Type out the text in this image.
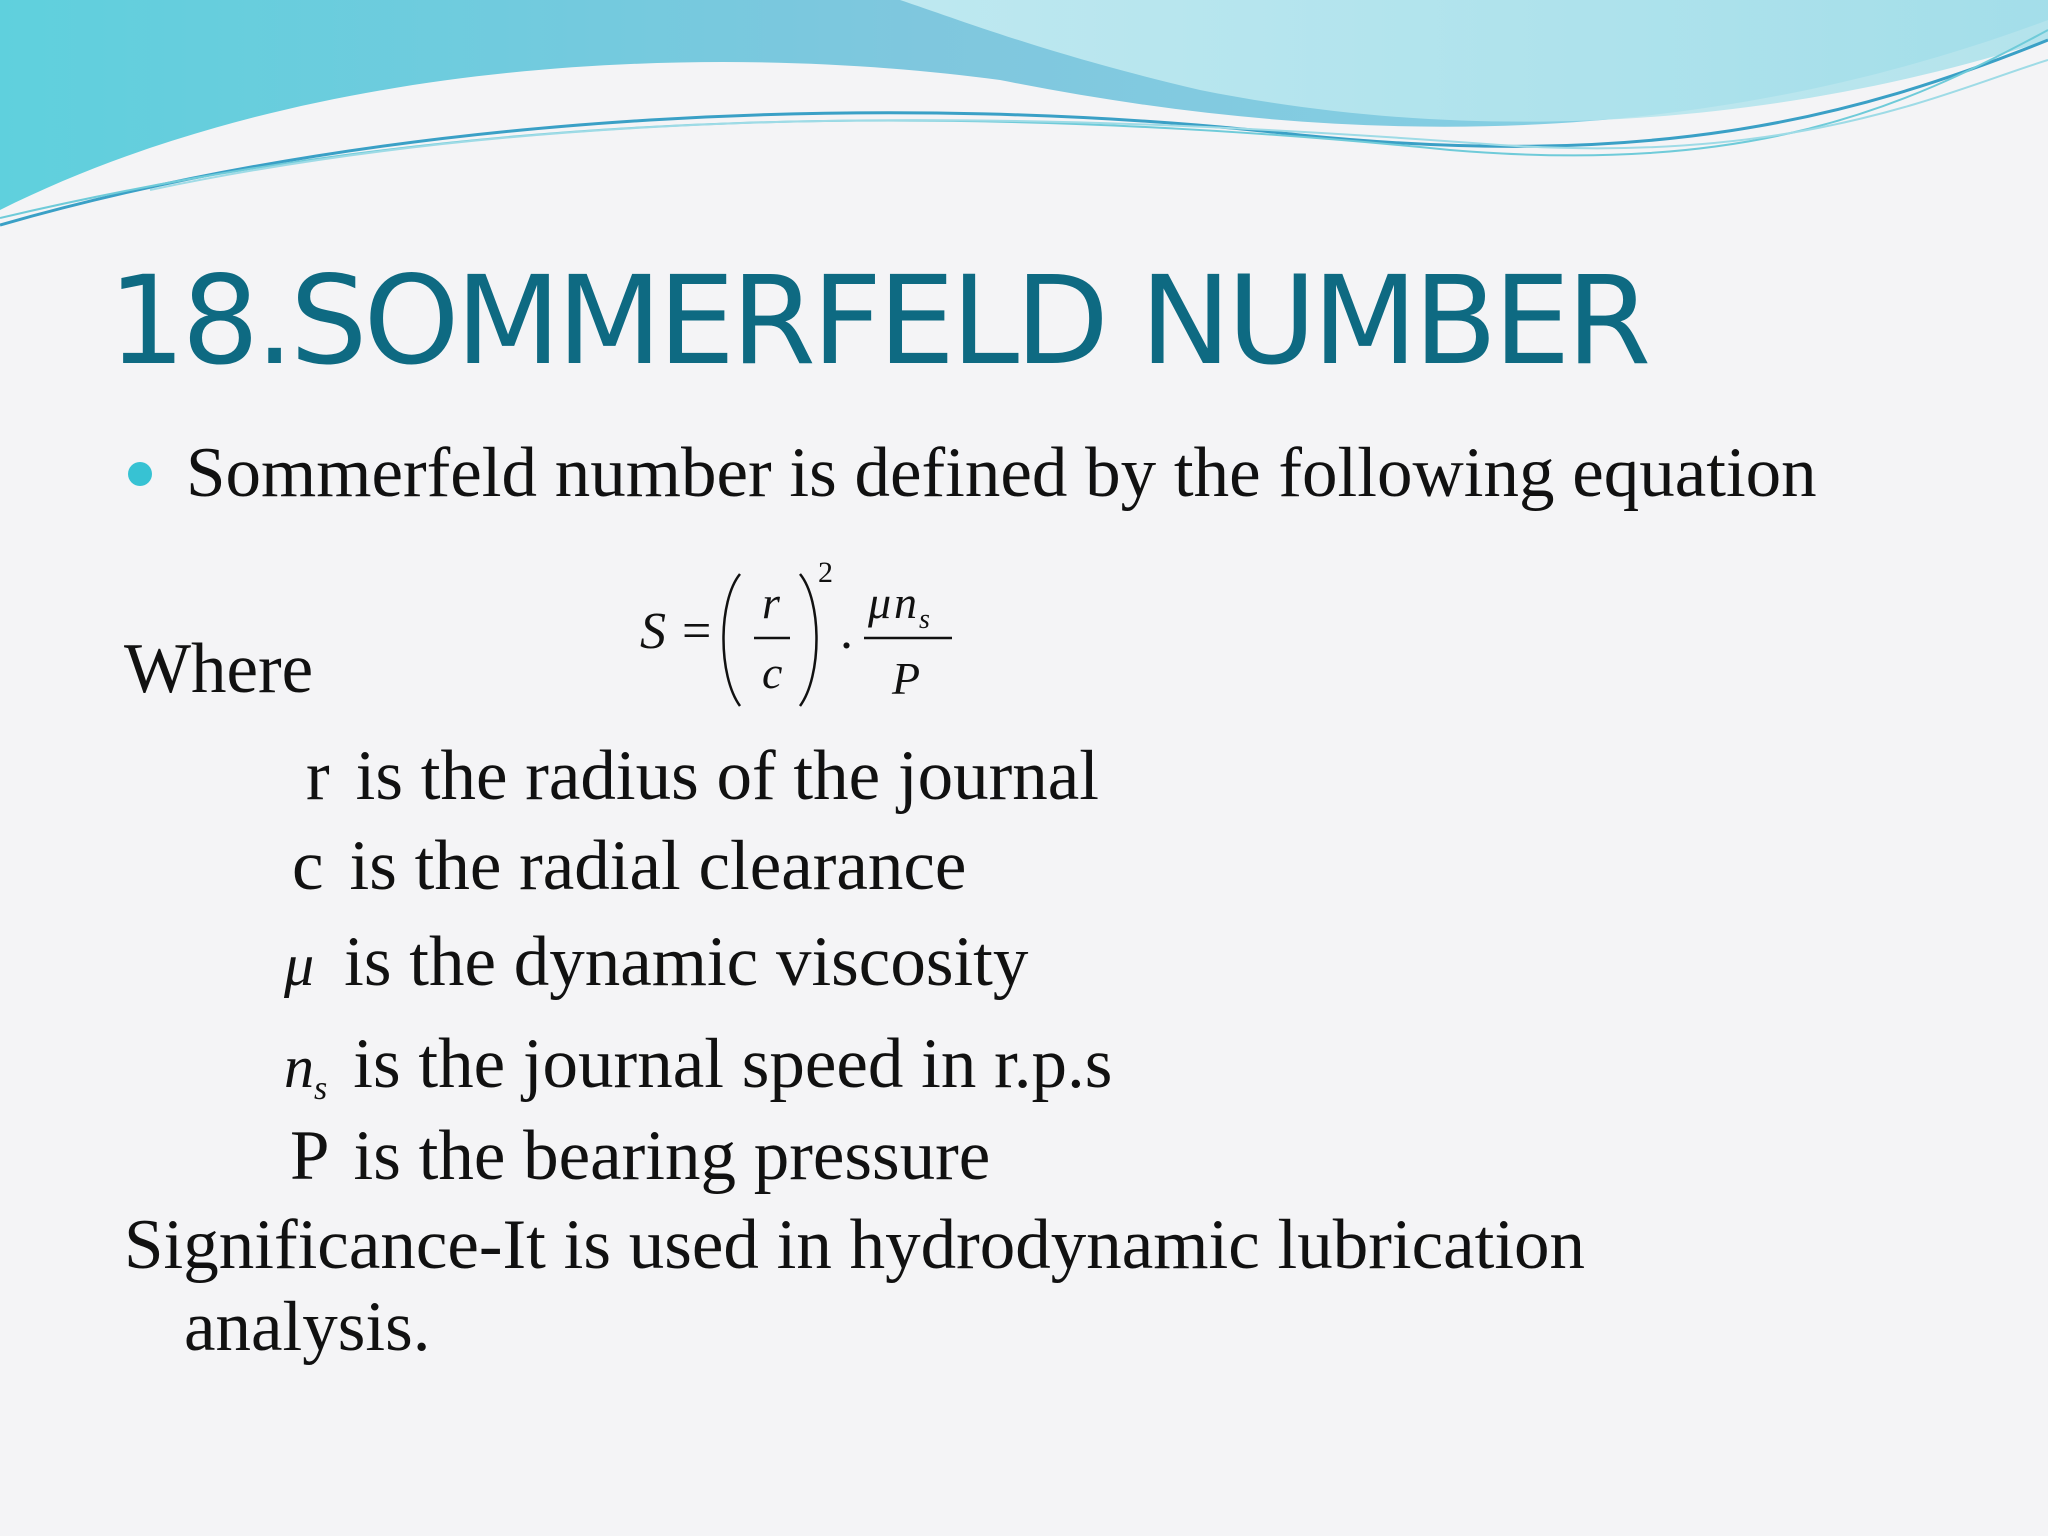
18.SOMMERFELD NUMBER
Sommerfeld number is defined by the following equation
Where	S =
r
c
2
.
μ n s
P
r is the radius of the journal
c is the radial clearance
μ is the dynamic viscosity
n s is the journal speed in r.p.s
P is the bearing pressure
Significance-It is used in hydrodynamic lubrication
analysis.
